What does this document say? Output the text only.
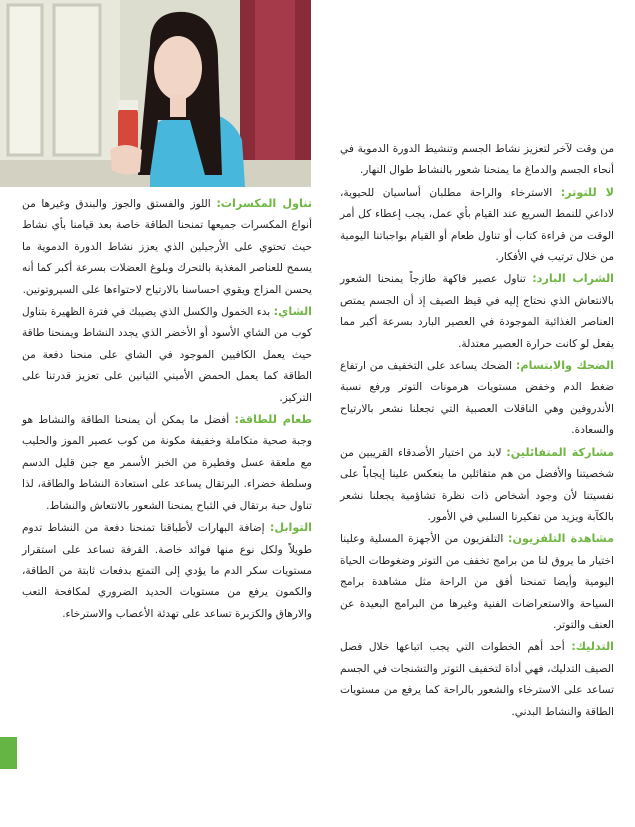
من وقت لآخر لتعزيز نشاط الجسم وتنشيط الدورة الدموية في أنحاء الجسم والدماغ ما يمنحنا شعور بالنشاط طوال النهار.

لا للتوتر: الاسترخاء والراحة مطلبان أساسيان للحيوية، لاداعي للنمط السريع عند القيام بأي عمل، يجب إعطاء كل أمر الوقت من قراءة كتاب أو تناول طعام أو القيام بواجباتنا اليومية من خلال ترتيب في الأفكار.

الشراب البارد: تناول عصير فاكهة طازجاً يمنحنا الشعور بالانتعاش الذي نحتاج إليه في قيظ الصيف إذ أن الجسم يمتص العناصر الغذائية الموجودة في العصير البارد بسرعة أكبر مما يفعل لو كانت حرارة العصير معتدلة.

الضحك والابتسام: الضحك يساعد على التخفيف من ارتفاع ضغط الدم وخفض مستويات هرمونات التوتر ورفع نسبة الأندروفين وهي الناقلات العصبية التي تجعلنا نشعر بالارتياح والسعادة.

مشاركة المتفائلين: لابد من اختيار الأصدقاء القريبين من شخصيتنا والأفضل من هم متفائلين ما ينعكس علينا إيجاباً على نفسيتنا لأن وجود أشخاص ذات نظرة تشاؤمية يجعلنا نشعر بالكآبة ويزيد من تفكيرنا السلبي في الأمور.

مشاهدة التلفزيون: التلفزيون من الأجهزة المسلية وعلينا اختيار ما يروق لنا من برامج تخفف من التوتر وضغوطات الحياة اليومية وأيضا تمنحنا أفق من الراحة مثل مشاهدة برامج السياحة والاستعراضات الفنية وغيرها من البرامج البعيدة عن العنف والتوتر.

التدليك: أحد أهم الخطوات التي يجب اتباعها خلال فصل الصيف التدليك، فهي أداة لتخفيف التوتر والتشنجات في الجسم تساعد على الاسترخاء والشعور بالراحة كما يرفع من مستويات الطاقة والنشاط البدني.

تناول المكسرات: اللوز والفستق والجوز والبندق وغيرها من أنواع المكسرات جميعها تمنحنا الطاقة خاصة بعد قيامنا بأي نشاط حيث تحتوي على الأرجيلين الذي يعزز نشاط الدورة الدموية ما يسمح للعناصر المغذية بالتحرك وبلوغ العضلات بسرعة أكبر كما أنه يحسن المزاج ويقوي احساسنا بالارتياح لاحتواءها على السيروتونين.

الشاي: بدء الخمول والكسل الذي يصيبك في فترة الظهيرة بتناول كوب من الشاي الأسود أو الأخضر الذي يجدد النشاط ويمنحنا طاقة حيث يعمل الكافيين الموجود في الشاي على منحنا دفعة من الطاقة كما يعمل الحمض الأميني الثيانين على تعزيز قدرتنا على التركيز.

طعام للطاقة: أفضل ما يمكن أن يمنحنا الطاقة والنشاط هو وجبة صحية متكاملة وخفيفة مكونة من كوب عصير الموز والحليب مع ملعقة عسل وفطيرة من الخبز الأسمر مع جبن قليل الدسم وسلطة خضراء. البرتقال يساعد على استعادة النشاط والطاقة، لذا تناول حبة برتقال في الثباح يمنحنا الشعور بالانتعاش والنشاط.

التوابل: إضافة البهارات لأطباقنا تمنحنا دفعة من النشاط تدوم طويلاً ولكل نوع منها فوائد خاصة. القرفة تساعد على استقرار مستويات سكر الدم ما يؤدي إلى التمتع بدفعات ثابتة من الطاقة، والكمون يرفع من مستويات الحديد الضروري لمكافحة التعب والارهاق والكزبرة تساعد على تهدئة الأعصاب والاسترخاء.
